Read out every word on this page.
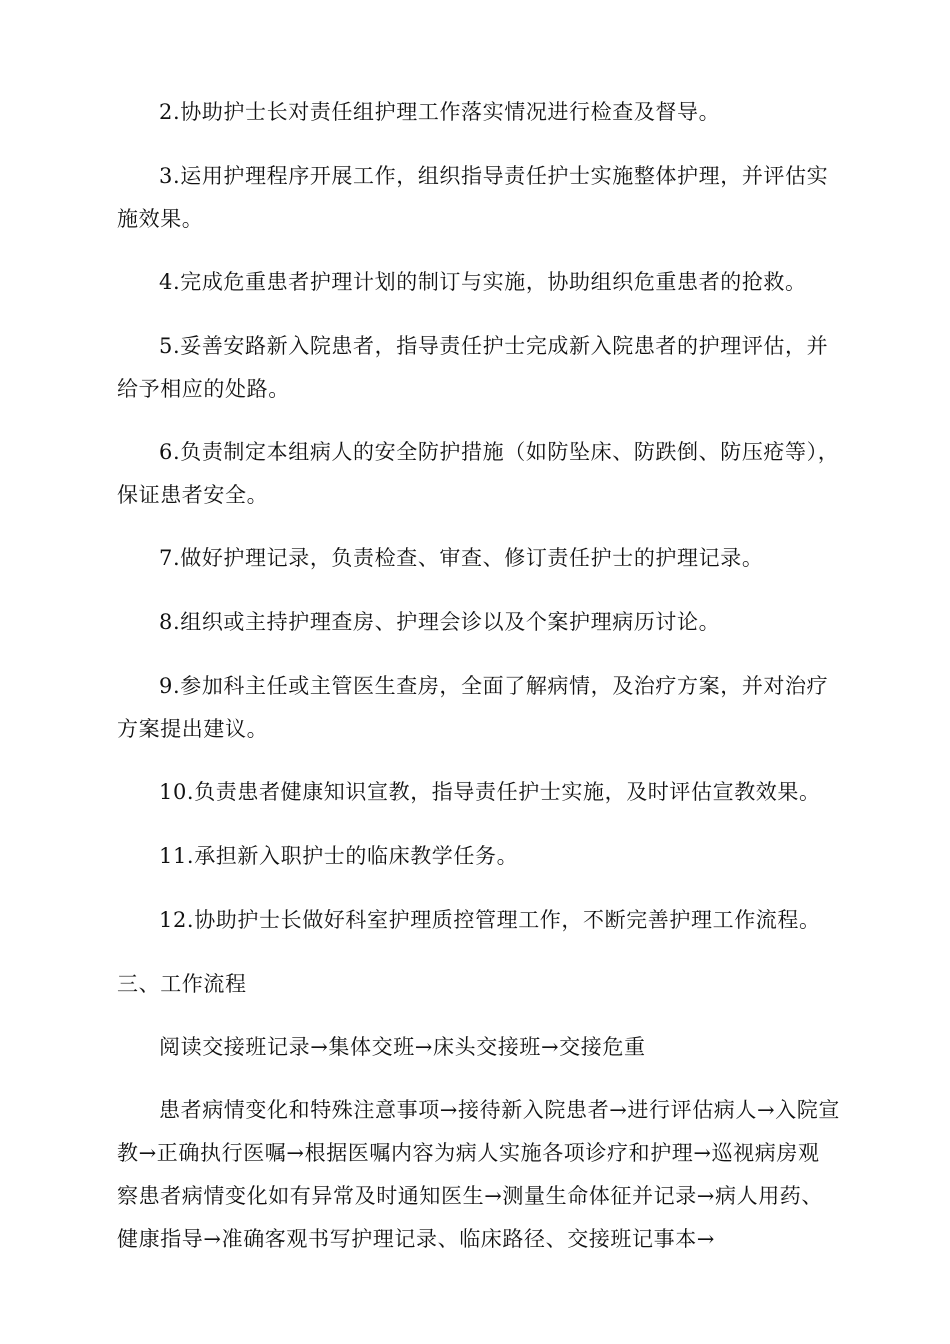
2.协助护士长对责任组护理工作落实情况进行检查及督导。

3.运用护理程序开展工作，组织指导责任护士实施整体护理，并评估实施效果。

4.完成危重患者护理计划的制订与实施，协助组织危重患者的抢救。

5.妥善安路新入院患者，指导责任护士完成新入院患者的护理评估，并给予相应的处路。

6.负责制定本组病人的安全防护措施（如防坠床、防跌倒、防压疮等），保证患者安全。

7.做好护理记录，负责检查、审查、修订责任护士的护理记录。

8.组织或主持护理查房、护理会诊以及个案护理病历讨论。

9.参加科主任或主管医生查房，全面了解病情，及治疗方案，并对治疗方案提出建议。

10.负责患者健康知识宣教，指导责任护士实施，及时评估宣教效果。

11.承担新入职护士的临床教学任务。

12.协助护士长做好科室护理质控管理工作，不断完善护理工作流程。

三、工作流程

阅读交接班记录→集体交班→床头交接班→交接危重

患者病情变化和特殊注意事项→接待新入院患者→进行评估病人→入院宣教→正确执行医嘱→根据医嘱内容为病人实施各项诊疗和护理→巡视病房观察患者病情变化如有异常及时通知医生→测量生命体征并记录→病人用药、健康指导→准确客观书写护理记录、临床路径、交接班记事本→
